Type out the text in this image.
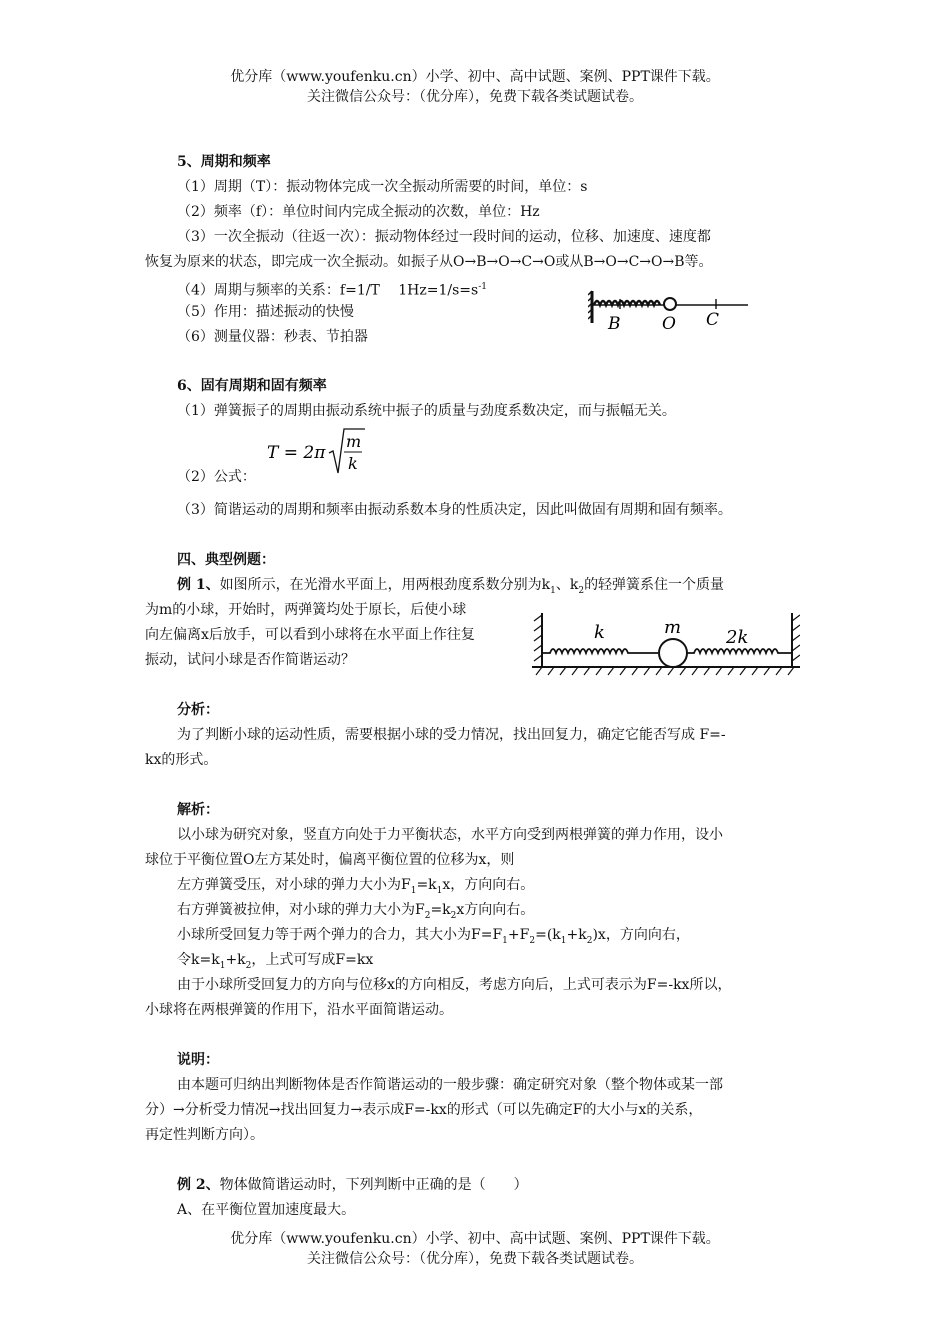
优分库（www.youfenku.cn）小学、初中、高中试题、案例、PPT课件下载。
关注微信公众号：（优分库），免费下载各类试题试卷。
5、周期和频率
（1）周期（T）：振动物体完成一次全振动所需要的时间，单位：s
（2）频率（f）：单位时间内完成全振动的次数，单位：Hz
（3）一次全振动（往返一次）：振动物体经过一段时间的运动，位移、加速度、速度都
恢复为原来的状态，即完成一次全振动。如振子从O→B→O→C→O或从B→O→C→O→B等。
（4）周期与频率的关系：f=1/T　 $1Hz=1/s=s^{-1}$
（5）作用：描述振动的快慢
（6）测量仪器：秒表、节拍器
B O C
6、固有周期和固有频率
（1）弹簧振子的周期由振动系统中振子的质量与劲度系数决定，而与振幅无关。
（2）公式：
T = 2π
m
k
（3）简谐运动的周期和频率由振动系数本身的性质决定，因此叫做固有周期和固有频率。
四、典型例题：
例 1、如图所示，在光滑水平面上，用两根劲度系数分别为$k_1$、$k_2$的轻弹簧系住一个质量
为m的小球，开始时，两弹簧均处于原长，后使小球
向左偏离x后放手，可以看到小球将在水平面上作往复
振动，试问小球是否作简谐运动？
k	m 2k
分析：
为了判断小球的运动性质，需要根据小球的受力情况，找出回复力，确定它能否写成 F=-
kx的形式。
解析：
以小球为研究对象，竖直方向处于力平衡状态，水平方向受到两根弹簧的弹力作用，设小
球位于平衡位置O左方某处时，偏离平衡位置的位移为x，则
左方弹簧受压，对小球的弹力大小为$F_1=k_1x$，方向向右。
右方弹簧被拉伸，对小球的弹力大小为$F_2=k_2x$方向向右。
小球所受回复力等于两个弹力的合力，其大小为$F=F_1+F_2=(k_1+k_2)x$，方向向右，
令$k=k_1+k_2$，上式可写成F=kx
由于小球所受回复力的方向与位移x的方向相反，考虑方向后，上式可表示为F=-kx所以，
小球将在两根弹簧的作用下，沿水平面简谐运动。
说明：
由本题可归纳出判断物体是否作简谐运动的一般步骤：确定研究对象（整个物体或某一部
分）→分析受力情况→找出回复力→表示成F=-kx的形式（可以先确定F的大小与x的关系，
再定性判断方向）。
例 2、物体做简谐运动时，下列判断中正确的是（　　）
A、在平衡位置加速度最大。
优分库（www.youfenku.cn）小学、初中、高中试题、案例、PPT课件下载。
关注微信公众号：（优分库），免费下载各类试题试卷。
